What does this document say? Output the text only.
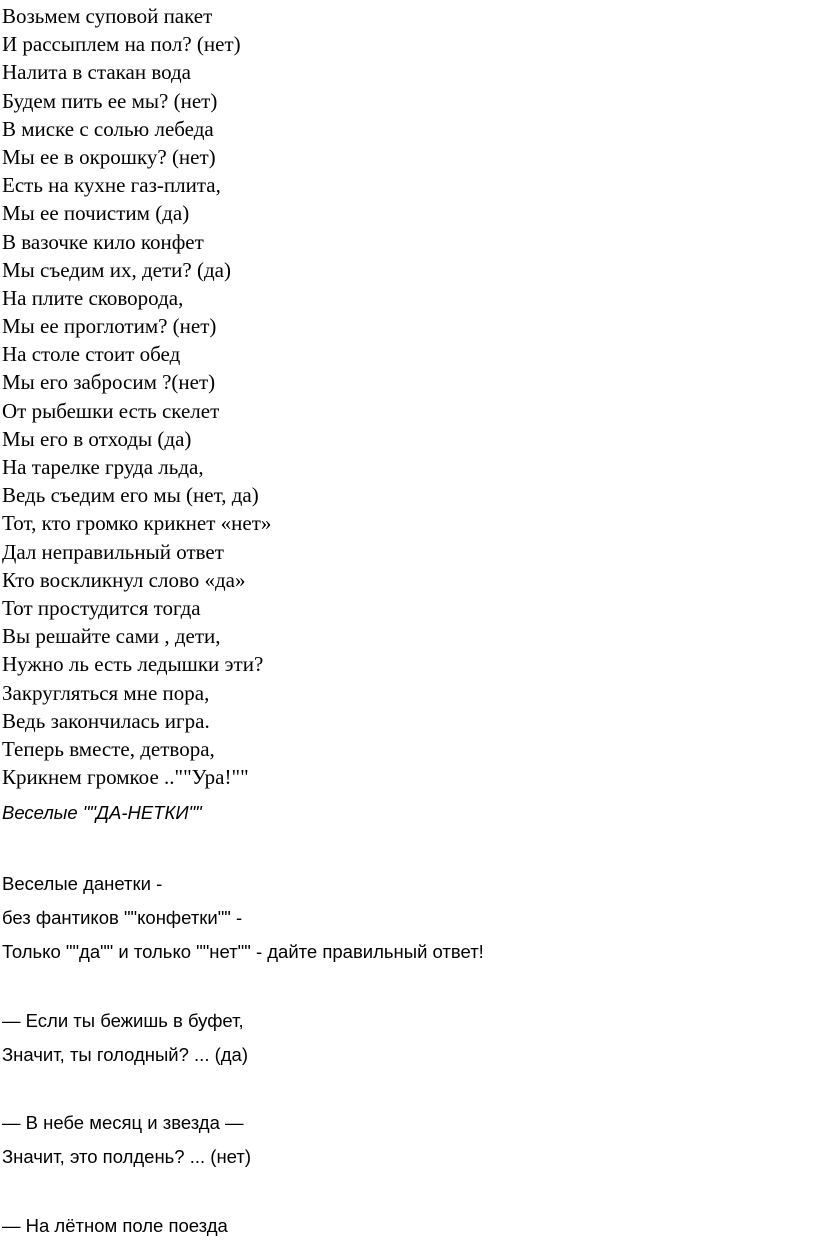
Возьмем суповой пакет
И рассыплем на пол? (нет)
Налита в стакан вода
Будем пить ее мы? (нет)
В миске с солью лебеда
Мы ее в окрошку? (нет)
Есть на кухне газ-плита,
Мы ее почистим (да)
В вазочке кило конфет
Мы съедим их, дети? (да)
На плите сковорода,
Мы ее проглотим? (нет)
На столе стоит обед
Мы его забросим ?(нет)
От рыбешки есть скелет
Мы его в отходы (да)
На тарелке груда льда,
Ведь съедим его мы (нет, да)
Тот, кто громко крикнет «нет»
Дал неправильный ответ
Кто воскликнул слово «да»
Тот простудится тогда
Вы решайте сами , дети,
Нужно ль есть ледышки эти?
Закругляться мне пора,
Ведь закончилась игра.
Теперь вместе, детвора,
Крикнем громкое ..""Ура!""
Веселые ""ДА-НЕТКИ""
Веселые данетки -
без фантиков ""конфетки"" -
Только ""да"" и только ""нет"" - дайте правильный ответ!
— Если ты бежишь в буфет,
Значит, ты голодный? ... (да)
— В небе месяц и звезда —
Значит, это полдень? ... (нет)
— На лётном поле поезда
